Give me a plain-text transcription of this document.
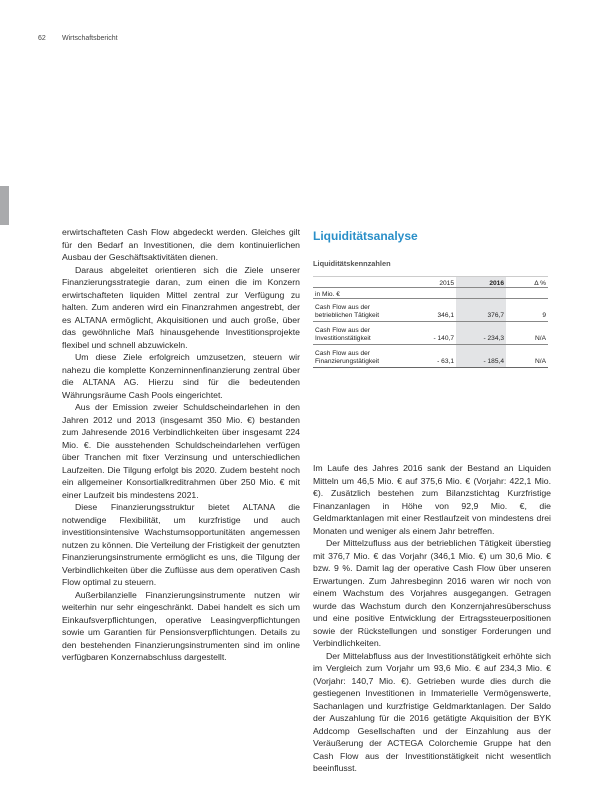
62 Wirtschaftsbericht

erwirtschafteten Cash Flow abgedeckt werden. Gleiches gilt für den Bedarf an Investitionen, die dem kontinuierlichen Ausbau der Geschäftsaktivitäten dienen.

Daraus abgeleitet orientieren sich die Ziele unserer Finanzierungsstrategie daran, zum einen die im Konzern erwirtschafteten liquiden Mittel zentral zur Verfügung zu halten. Zum anderen wird ein Finanzrahmen angestrebt, der es ALTANA ermöglicht, Akquisitionen und auch große, über das gewöhnliche Maß hinausgehende Investitionsprojekte flexibel und schnell abzuwickeln.

Um diese Ziele erfolgreich umzusetzen, steuern wir nahezu die komplette Konzerninnenfinanzierung zentral über die ALTANA AG. Hierzu sind für die bedeutenden Währungsräume Cash Pools eingerichtet.

Aus der Emission zweier Schuldscheindarlehen in den Jahren 2012 und 2013 (insgesamt 350 Mio. €) bestanden zum Jahresende 2016 Verbindlichkeiten über insgesamt 224 Mio. €. Die ausstehenden Schuldscheindarlehen verfügen über Tranchen mit fixer Verzinsung und unterschiedlichen Laufzeiten. Die Tilgung erfolgt bis 2020. Zudem besteht noch ein allgemeiner Konsortialkreditrahmen über 250 Mio. € mit einer Laufzeit bis mindestens 2021.

Diese Finanzierungsstruktur bietet ALTANA die notwendige Flexibilität, um kurzfristige und auch investitionsintensive Wachstumsopportunitäten angemessen nutzen zu können. Die Verteilung der Fristigkeit der genutzten Finanzierungsinstrumente ermöglicht es uns, die Tilgung der Verbindlichkeiten über die Zuflüsse aus dem operativen Cash Flow optimal zu steuern.

Außerbilanzielle Finanzierungsinstrumente nutzen wir weiterhin nur sehr eingeschränkt. Dabei handelt es sich um Einkaufsverpflichtungen, operative Leasingverpflichtungen sowie um Garantien für Pensionsverpflichtungen. Details zu den bestehenden Finanzierungsinstrumenten sind im online verfügbaren Konzernabschluss dargestellt.

Liquiditätsanalyse
Liquiditätskennzahlen
	2015	2016	Δ %
in Mio. €			
Cash Flow aus der
betrieblichen Tätigkeit	346,1	376,7	9
Cash Flow aus der
Investitionstätigkeit	- 140,7	- 234,3	N/A
Cash Flow aus der
Finanzierungstätigkeit	- 63,1	- 185,4	N/A

Im Laufe des Jahres 2016 sank der Bestand an Liquiden Mitteln um 46,5 Mio. € auf 375,6 Mio. € (Vorjahr: 422,1 Mio. €). Zusätzlich bestehen zum Bilanzstichtag Kurzfristige Finanzanlagen in Höhe von 92,9 Mio. €, die Geldmarktanlagen mit einer Restlaufzeit von mindestens drei Monaten und weniger als einem Jahr betreffen.

Der Mittelzufluss aus der betrieblichen Tätigkeit überstieg mit 376,7 Mio. € das Vorjahr (346,1 Mio. €) um 30,6 Mio. € bzw. 9 %. Damit lag der operative Cash Flow über unseren Erwartungen. Zum Jahresbeginn 2016 waren wir noch von einem Wachstum des Vorjahres ausgegangen. Getragen wurde das Wachstum durch den Konzernjahresüberschuss und eine positive Entwicklung der Ertragssteuerpositionen sowie der Rückstellungen und sonstiger Forderungen und Verbindlichkeiten.

Der Mittelabfluss aus der Investitionstätigkeit erhöhte sich im Vergleich zum Vorjahr um 93,6 Mio. € auf 234,3 Mio. € (Vorjahr: 140,7 Mio. €). Getrieben wurde dies durch die gestiegenen Investitionen in Immaterielle Vermögenswerte, Sachanlagen und kurzfristige Geldmarktanlagen. Der Saldo der Auszahlung für die 2016 getätigte Akquisition der BYK Addcomp Gesellschaften und der Einzahlung aus der Veräußerung der ACTEGA Colorchemie Gruppe hat den Cash Flow aus der Investitionstätigkeit nicht wesentlich beeinflusst.
